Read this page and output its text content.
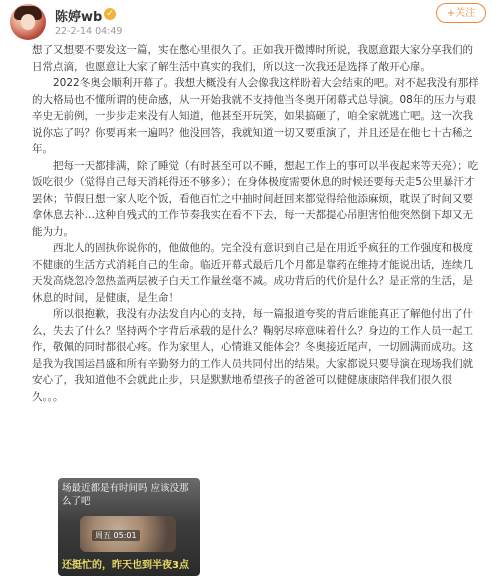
陈婷wb ✓
22-2-14 04:49
+关注

想了又想要不要发这一篇，实在憋心里很久了。正如我开微博时所说，我愿意跟大家分享我们的日常点滴，也愿意让大家了解生活中真实的我们，所以这一次我还是选择了敞开心扉。

2022冬奥会顺利开幕了。我想大概没有人会像我这样盼着大会结束的吧。对不起我没有那样的大格局也不懂所谓的使命感，从一开始我就不支持他当冬奥开闭幕式总导演。08年的压力与艰辛史无前例，一步步走来没有人知道，他甚至开玩笑，如果搞砸了，咱全家就逃亡吧。这一次我说你忘了吗？你要再来一遍吗？他没回答，我就知道一切又要重演了，并且还是在他七十古稀之年。

把每一天都排满，除了睡觉（有时甚至可以不睡，想起工作上的事可以半夜起来等天亮）；吃饭吃很少（觉得自己每天消耗得还不够多）；在身体极度需要休息的时候还要每天走5公里暴汗才罢休；节假日想一家人吃个饭，看他百忙之中抽时间赶回来都觉得给他添麻烦，耽误了时间又要拿休息去补…这种自残式的工作节奏我实在看不下去，每一天都提心吊胆害怕他突然倒下却又无能为力。

西北人的固执你说你的，他做他的。完全没有意识到自己是在用近乎疯狂的工作强度和极度不健康的生活方式消耗自己的生命。临近开幕式最后几个月都是靠药在维持才能说出话，连续几天发高烧忽冷忽热盖两层被子白天工作量丝毫不减。成功背后的代价是什么？是正常的生活，是休息的时间，是健康，是生命！

所以很抱歉，我没有办法发自内心的支持，每一篇报道夸奖的背后谁能真正了解他付出了什么，失去了什么？坚持两个字背后承载的是什么？鞠躬尽瘁意味着什么？身边的工作人员一起工作，敬佩的同时都很心疼。作为家里人，心情谁又能体会？冬奥接近尾声，一切圆满而成功。这是我为我国运昌盛和所有辛勤努力的工作人员共同付出的结果。大家都说只要导演在现场我们就安心了，我知道他不会就此止步，只是默默地希望孩子的爸爸可以健健康康陪伴我们很久很久。。。

场最近都是有时间吗 应该没那么了吧
周五 05:01
还挺忙的，昨天也到半夜3点
